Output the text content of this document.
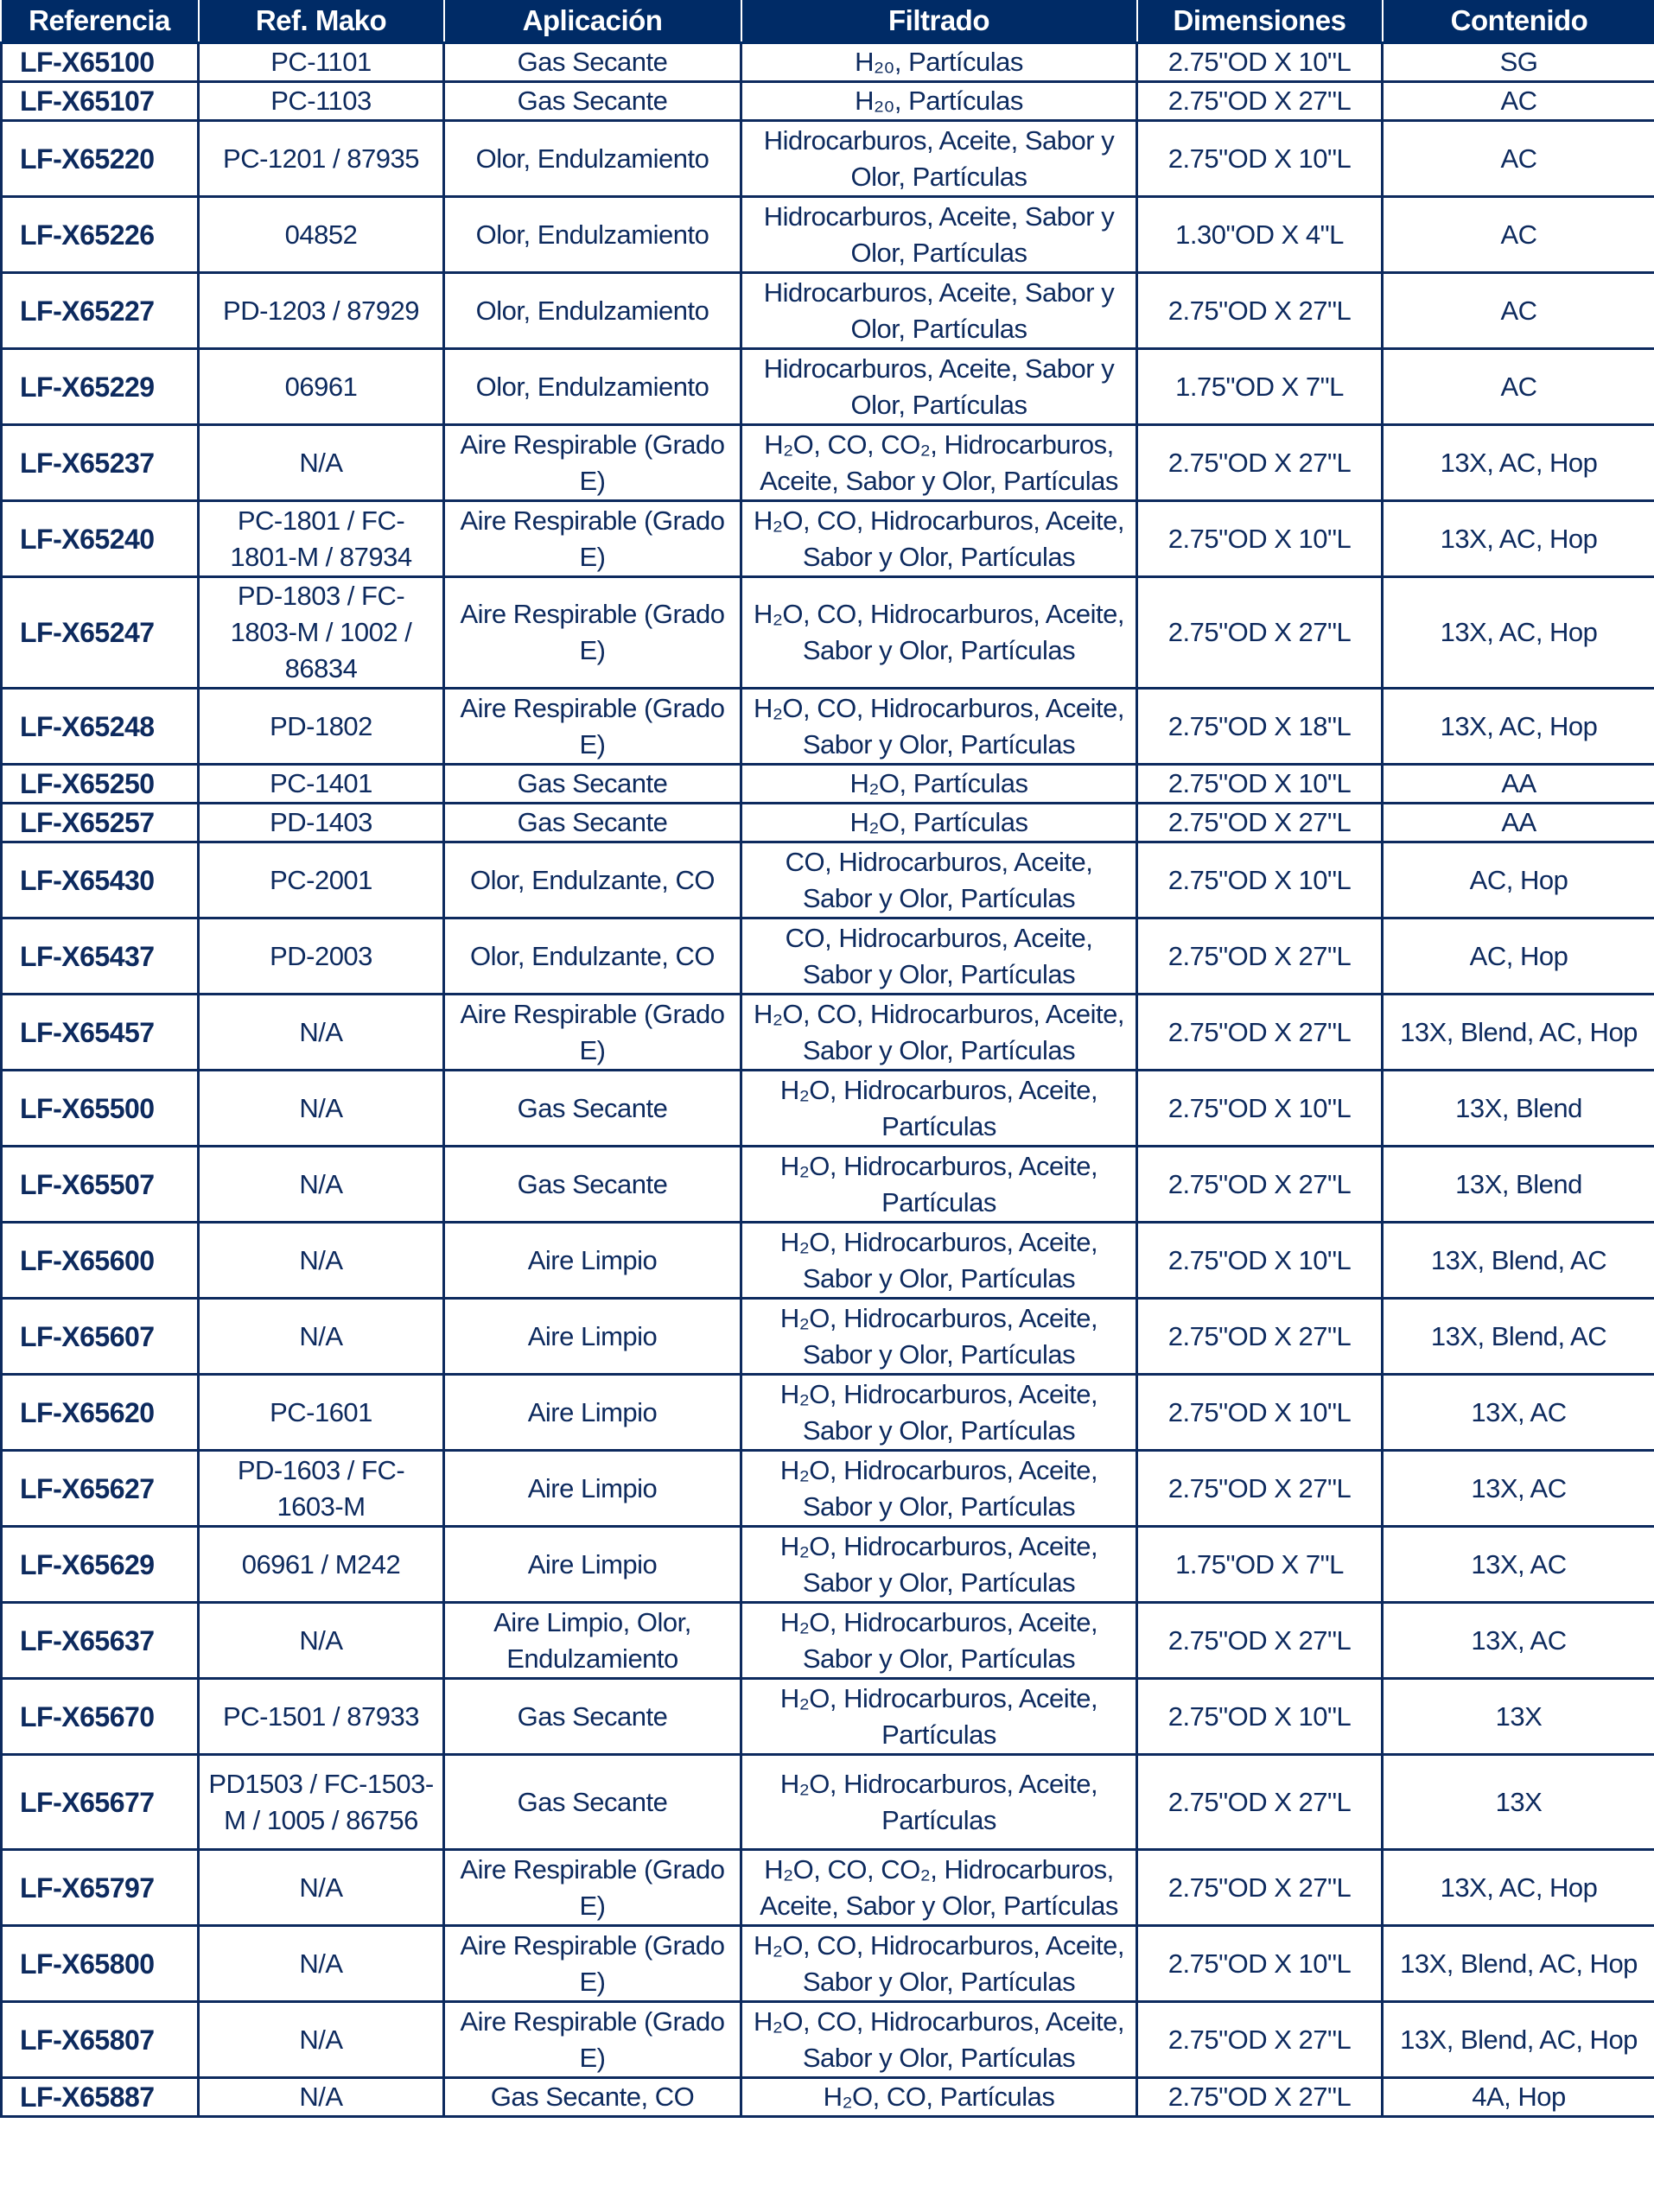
Referencia	Ref. Mako	Aplicación	Filtrado	Dimensiones	Contenido
LF-X65100	PC-1101	Gas Secante	H₂₀, Partículas	2.75"OD X 10"L	SG
LF-X65107	PC-1103	Gas Secante	H₂₀, Partículas	2.75"OD X 27"L	AC
LF-X65220	PC-1201 / 87935	Olor, Endulzamiento	Hidrocarburos, Aceite, Sabor y Olor, Partículas	2.75"OD X 10"L	AC
LF-X65226	04852	Olor, Endulzamiento	Hidrocarburos, Aceite, Sabor y Olor, Partículas	1.30"OD X 4"L	AC
LF-X65227	PD-1203 / 87929	Olor, Endulzamiento	Hidrocarburos, Aceite, Sabor y Olor, Partículas	2.75"OD X 27"L	AC
LF-X65229	06961	Olor, Endulzamiento	Hidrocarburos, Aceite, Sabor y Olor, Partículas	1.75"OD X 7"L	AC
LF-X65237	N/A	Aire Respirable (Grado E)	H₂O, CO, CO₂, Hidrocarburos, Aceite, Sabor y Olor, Partículas	2.75"OD X 27"L	13X, AC, Hop
LF-X65240	PC-1801 / FC-1801-M / 87934	Aire Respirable (Grado E)	H₂O, CO, Hidrocarburos, Aceite, Sabor y Olor, Partículas	2.75"OD X 10"L	13X, AC, Hop
LF-X65247	PD-1803 / FC-1803-M / 1002 / 86834	Aire Respirable (Grado E)	H₂O, CO, Hidrocarburos, Aceite, Sabor y Olor, Partículas	2.75"OD X 27"L	13X, AC, Hop
LF-X65248	PD-1802	Aire Respirable (Grado E)	H₂O, CO, Hidrocarburos, Aceite, Sabor y Olor, Partículas	2.75"OD X 18"L	13X, AC, Hop
LF-X65250	PC-1401	Gas Secante	H₂O, Partículas	2.75"OD X 10"L	AA
LF-X65257	PD-1403	Gas Secante	H₂O, Partículas	2.75"OD X 27"L	AA
LF-X65430	PC-2001	Olor, Endulzante, CO	CO, Hidrocarburos, Aceite, Sabor y Olor, Partículas	2.75"OD X 10"L	AC, Hop
LF-X65437	PD-2003	Olor, Endulzante, CO	CO, Hidrocarburos, Aceite, Sabor y Olor, Partículas	2.75"OD X 27"L	AC, Hop
LF-X65457	N/A	Aire Respirable (Grado E)	H₂O, CO, Hidrocarburos, Aceite, Sabor y Olor, Partículas	2.75"OD X 27"L	13X, Blend, AC, Hop
LF-X65500	N/A	Gas Secante	H₂O, Hidrocarburos, Aceite, Partículas	2.75"OD X 10"L	13X, Blend
LF-X65507	N/A	Gas Secante	H₂O, Hidrocarburos, Aceite, Partículas	2.75"OD X 27"L	13X, Blend
LF-X65600	N/A	Aire Limpio	H₂O, Hidrocarburos, Aceite, Sabor y Olor, Partículas	2.75"OD X 10"L	13X, Blend, AC
LF-X65607	N/A	Aire Limpio	H₂O, Hidrocarburos, Aceite, Sabor y Olor, Partículas	2.75"OD X 27"L	13X, Blend, AC
LF-X65620	PC-1601	Aire Limpio	H₂O, Hidrocarburos, Aceite, Sabor y Olor, Partículas	2.75"OD X 10"L	13X, AC
LF-X65627	PD-1603 / FC-1603-M	Aire Limpio	H₂O, Hidrocarburos, Aceite, Sabor y Olor, Partículas	2.75"OD X 27"L	13X, AC
LF-X65629	06961 / M242	Aire Limpio	H₂O, Hidrocarburos, Aceite, Sabor y Olor, Partículas	1.75"OD X 7"L	13X, AC
LF-X65637	N/A	Aire Limpio, Olor, Endulzamiento	H₂O, Hidrocarburos, Aceite, Sabor y Olor, Partículas	2.75"OD X 27"L	13X, AC
LF-X65670	PC-1501 / 87933	Gas Secante	H₂O, Hidrocarburos, Aceite, Partículas	2.75"OD X 10"L	13X
LF-X65677	PD1503 / FC-1503-M / 1005 / 86756	Gas Secante	H₂O, Hidrocarburos, Aceite, Partículas	2.75"OD X 27"L	13X
LF-X65797	N/A	Aire Respirable (Grado E)	H₂O, CO, CO₂, Hidrocarburos, Aceite, Sabor y Olor, Partículas	2.75"OD X 27"L	13X, AC, Hop
LF-X65800	N/A	Aire Respirable (Grado E)	H₂O, CO, Hidrocarburos, Aceite, Sabor y Olor, Partículas	2.75"OD X 10"L	13X, Blend, AC, Hop
LF-X65807	N/A	Aire Respirable (Grado E)	H₂O, CO, Hidrocarburos, Aceite, Sabor y Olor, Partículas	2.75"OD X 27"L	13X, Blend, AC, Hop
LF-X65887	N/A	Gas Secante, CO	H₂O, CO, Partículas	2.75"OD X 27"L	4A, Hop
